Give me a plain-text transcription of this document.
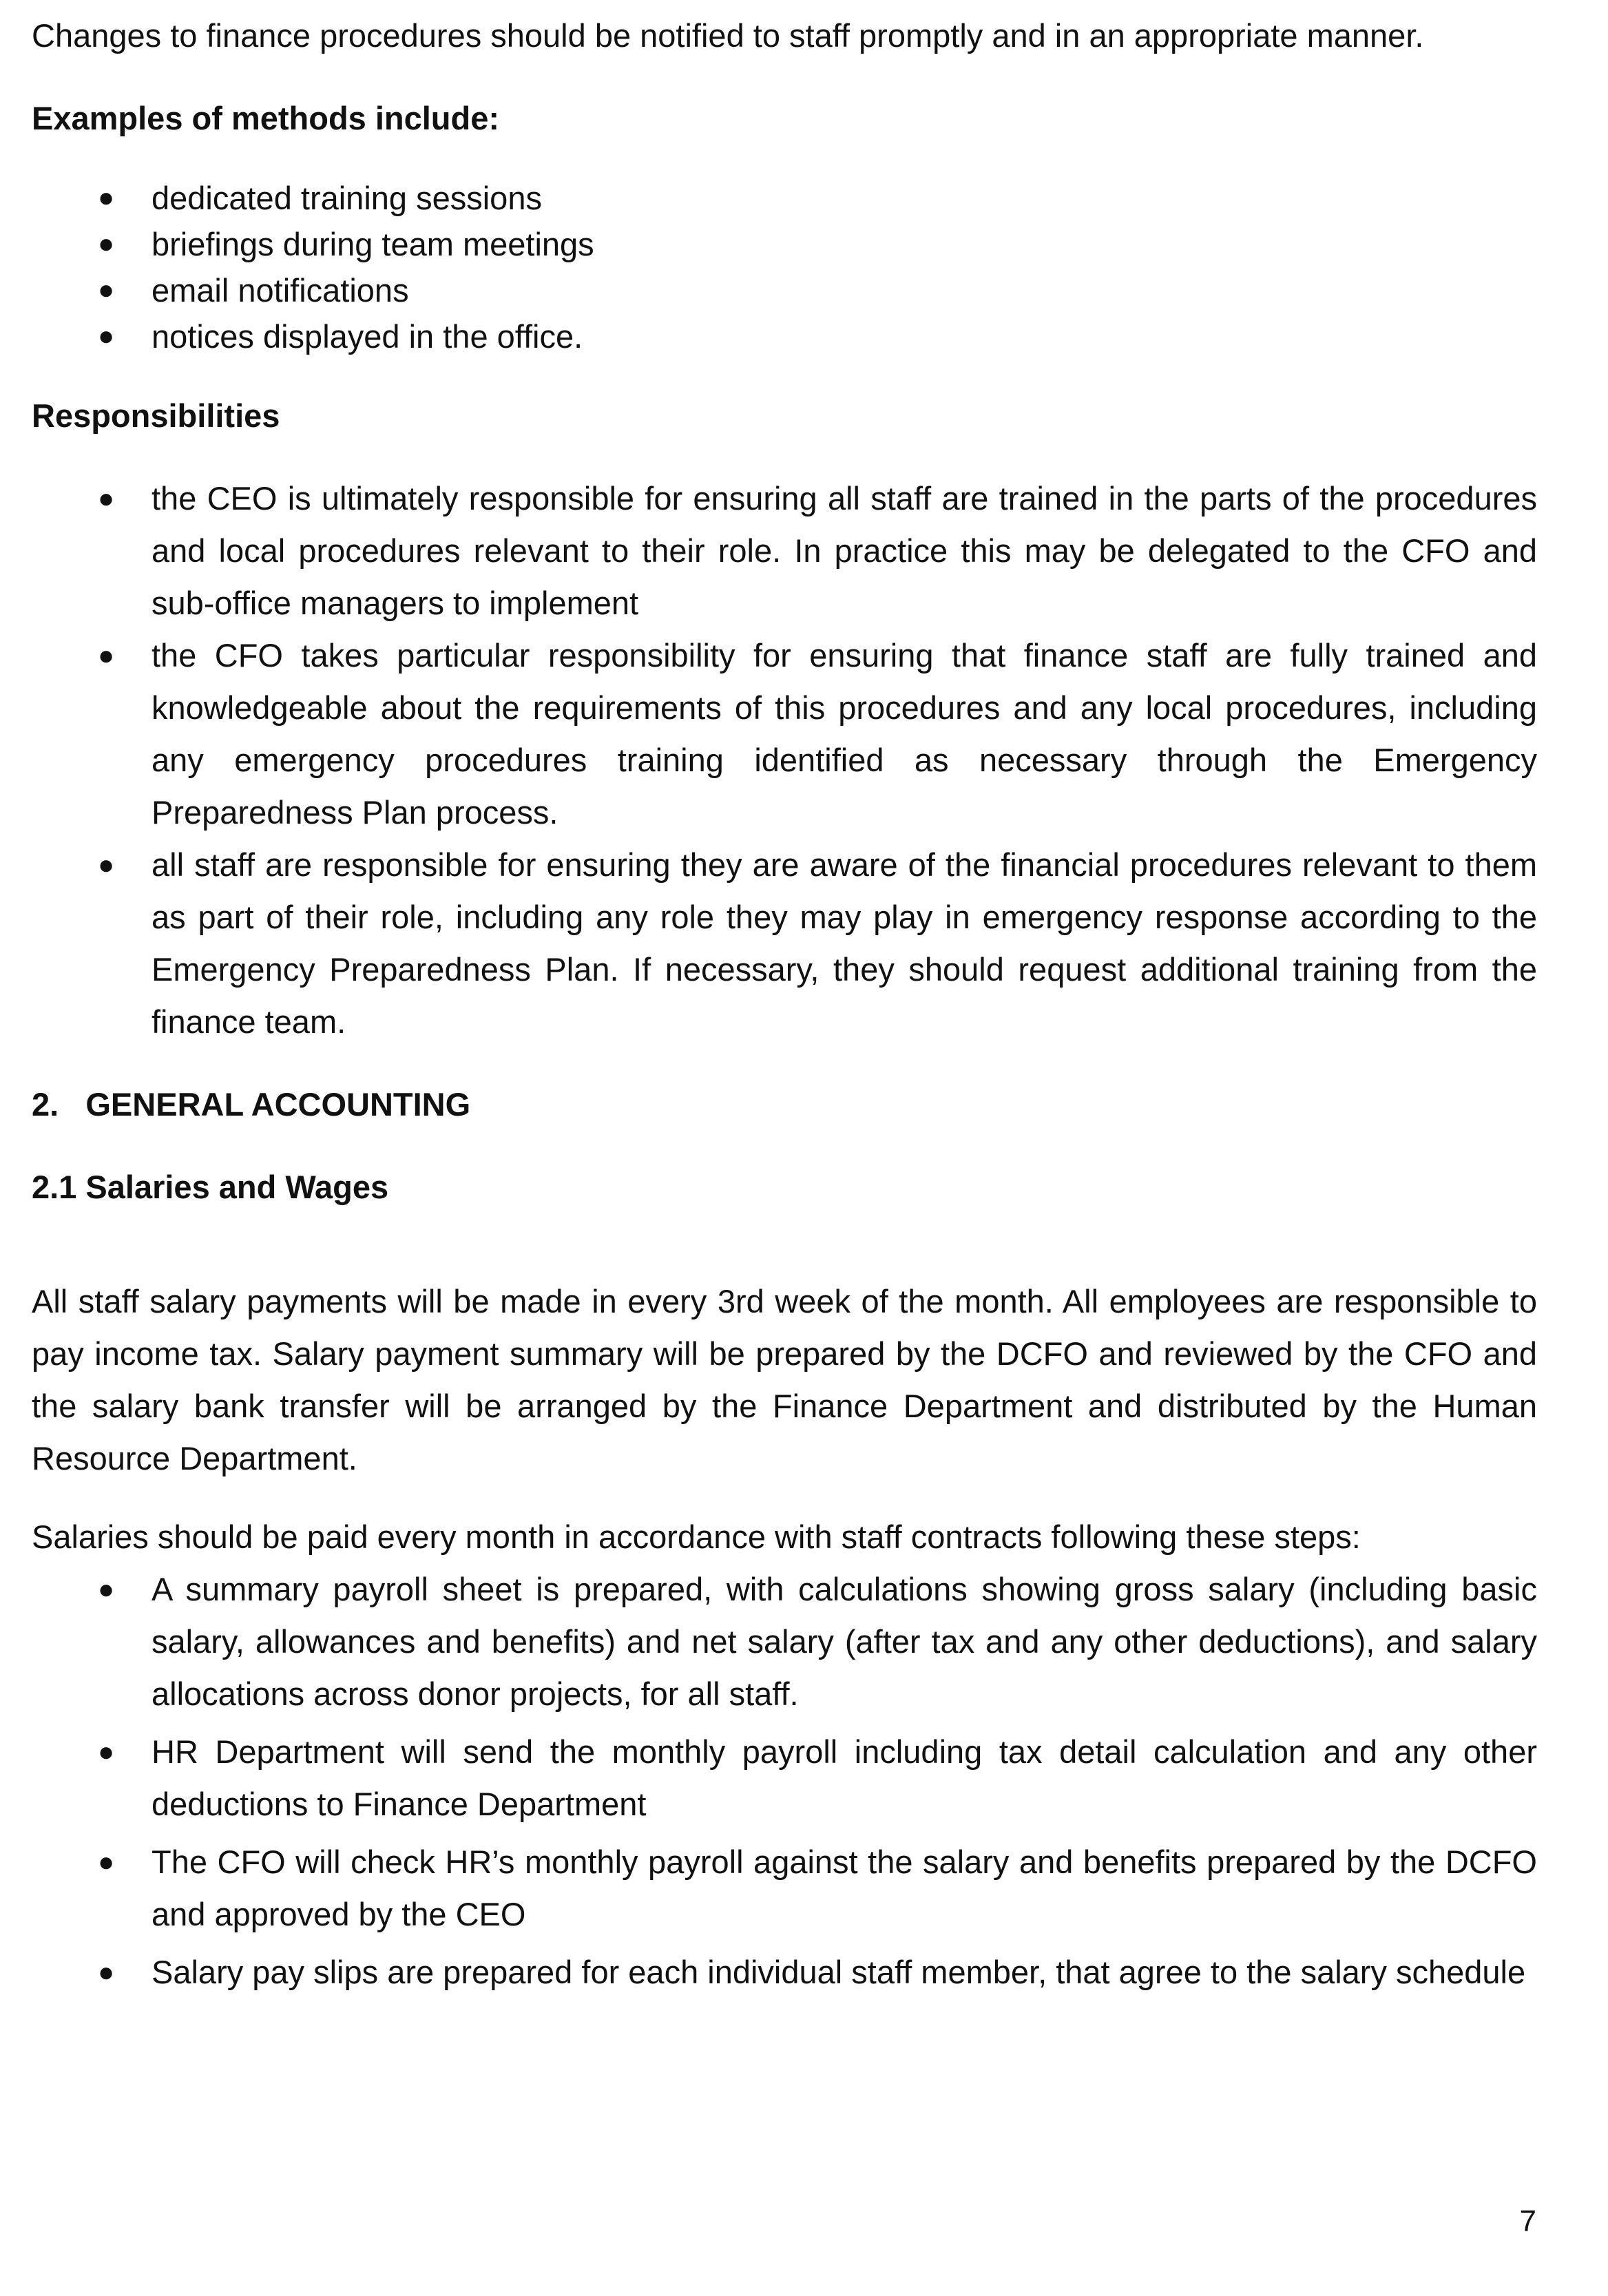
Changes to finance procedures should be notified to staff promptly and in an appropriate manner.

Examples of methods include:

● dedicated training sessions
● briefings during team meetings
● email notifications
● notices displayed in the office.

Responsibilities

● the CEO is ultimately responsible for ensuring all staff are trained in the parts of the procedures and local procedures relevant to their role. In practice this may be delegated to the CFO and sub-office managers to implement
● the CFO takes particular responsibility for ensuring that finance staff are fully trained and knowledgeable about the requirements of this procedures and any local procedures, including any emergency procedures training identified as necessary through the Emergency Preparedness Plan process.
● all staff are responsible for ensuring they are aware of the financial procedures relevant to them as part of their role, including any role they may play in emergency response according to the Emergency Preparedness Plan. If necessary, they should request additional training from the finance team.

2.   GENERAL ACCOUNTING

2.1 Salaries and Wages

All staff salary payments will be made in every 3rd week of the month. All employees are responsible to pay income tax. Salary payment summary will be prepared by the DCFO and reviewed by the CFO and the salary bank transfer will be arranged by the Finance Department and distributed by the Human Resource Department.

Salaries should be paid every month in accordance with staff contracts following these steps:

● A summary payroll sheet is prepared, with calculations showing gross salary (including basic salary, allowances and benefits) and net salary (after tax and any other deductions), and salary allocations across donor projects, for all staff.
● HR Department will send the monthly payroll including tax detail calculation and any other deductions to Finance Department
● The CFO will check HR’s monthly payroll against the salary and benefits prepared by the DCFO and approved by the CEO
● Salary pay slips are prepared for each individual staff member, that agree to the salary schedule
7
